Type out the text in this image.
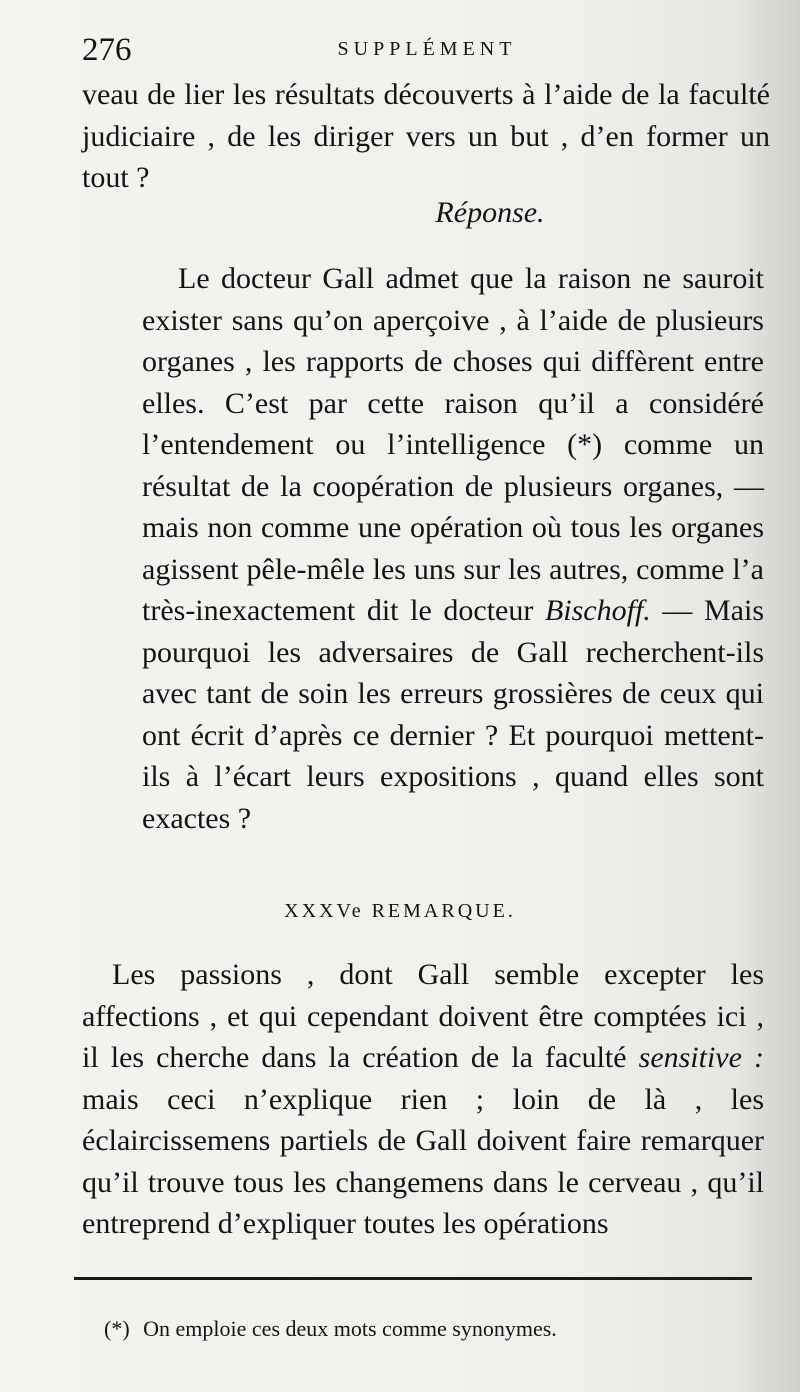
276	SUPPLÉMENT
veau de lier les résultats découverts à l’aide de la faculté judiciaire , de les diriger vers un but , d’en former un tout ?
Réponse.
Le docteur Gall admet que la raison ne sauroit exister sans qu’on aperçoive , à l’aide de plusieurs organes , les rapports de choses qui diffèrent entre elles. C’est par cette raison qu’il a considéré l’entendement ou l’intelligence (*) comme un résultat de la coopération de plusieurs organes, — mais non comme une opération où tous les organes agissent pêle-mêle les uns sur les autres, comme l’a très-inexactement dit le docteur Bischoff. — Mais pourquoi les adversaires de Gall recherchent-ils avec tant de soin les erreurs grossières de ceux qui ont écrit d’après ce dernier ? Et pourquoi mettent-ils à l’écart leurs expositions , quand elles sont exactes ?
XXXVe REMARQUE.
Les passions , dont Gall semble excepter les affections , et qui cependant doivent être comptées ici , il les cherche dans la création de la faculté sensitive : mais ceci n’explique rien ; loin de là , les éclaircissemens partiels de Gall doivent faire remarquer qu’il trouve tous les changemens dans le cerveau , qu’il entreprend d’expliquer toutes les opérations
(*) On emploie ces deux mots comme synonymes.
